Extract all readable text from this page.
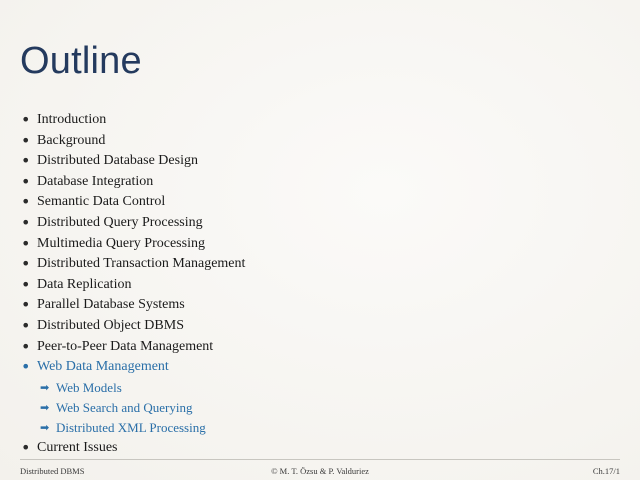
Outline
• Introduction
• Background
• Distributed Database Design
• Database Integration
• Semantic Data Control
• Distributed Query Processing
• Multimedia Query Processing
• Distributed Transaction Management
• Data Replication
• Parallel Database Systems
• Distributed Object DBMS
• Peer-to-Peer Data Management
• Web Data Management
➡ Web Models
➡ Web Search and Querying
➡ Distributed XML Processing
• Current Issues
Distributed DBMS	© M. T. Özsu & P. Valduriez	Ch.17/1
